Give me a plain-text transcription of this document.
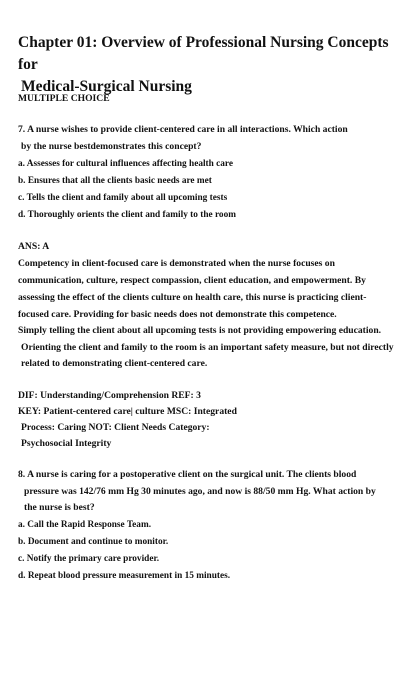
Chapter 01: Overview of Professional Nursing Concepts for
Medical-Surgical Nursing
MULTIPLE CHOICE
7. A nurse wishes to provide client-centered care in all interactions. Which action
by the nurse bestdemonstrates this concept?
a. Assesses for cultural influences affecting health care
b. Ensures that all the clients basic needs are met
c. Tells the client and family about all upcoming tests
d. Thoroughly orients the client and family to the room
ANS: A
Competency in client-focused care is demonstrated when the nurse focuses on
communication, culture, respect compassion, client education, and empowerment. By
assessing the effect of the clients culture on health care, this nurse is practicing client-
focused care. Providing for basic needs does not demonstrate this competence.
Simply telling the client about all upcoming tests is not providing empowering education.
Orienting the client and family to the room is an important safety measure, but not directly
related to demonstrating client-centered care.
DIF: Understanding/Comprehension REF: 3
KEY: Patient-centered care| culture MSC: Integrated
Process: Caring NOT: Client Needs Category:
Psychosocial Integrity
8. A nurse is caring for a postoperative client on the surgical unit. The clients blood
pressure was 142/76 mm Hg 30 minutes ago, and now is 88/50 mm Hg. What action by
the nurse is best?
a. Call the Rapid Response Team.
b. Document and continue to monitor.
c. Notify the primary care provider.
d. Repeat blood pressure measurement in 15 minutes.
